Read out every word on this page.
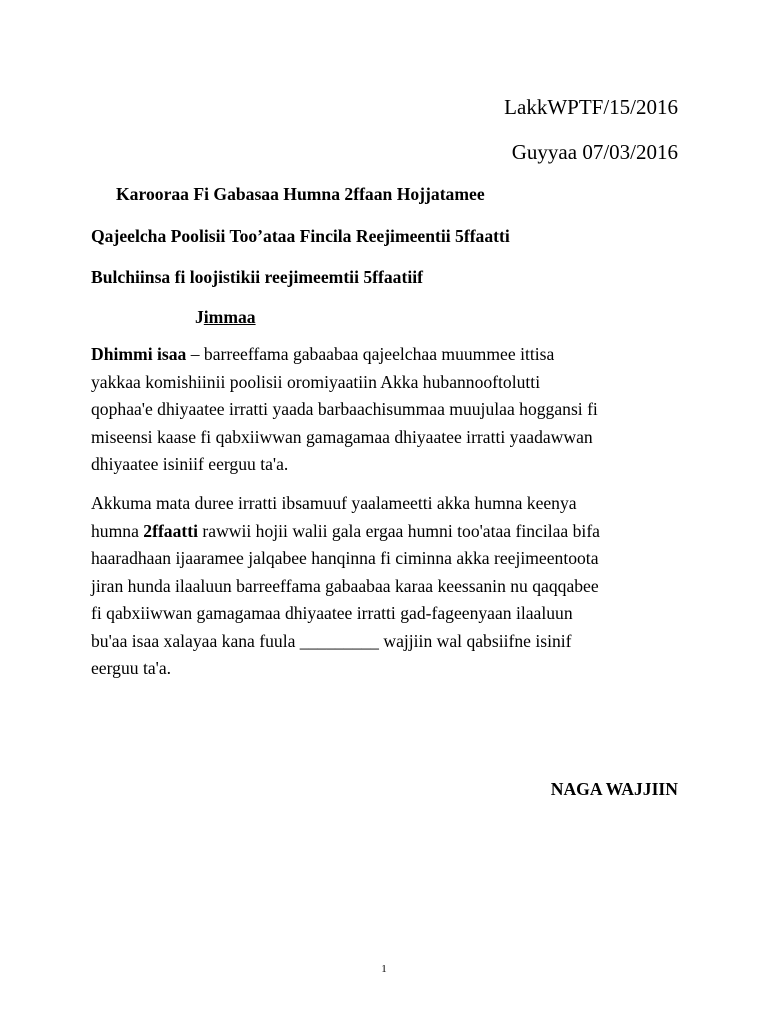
LakkWPTF/15/2016
Guyyaa 07/03/2016
Karooraa Fi Gabasaa Humna 2ffaan Hojjatamee
Qajeelcha Poolisii Too’ataa Fincila Reejimeentii 5ffaatti
Bulchiinsa fi loojistikii reejimeemtii 5ffaatiif
Jimmaa

Dhimmi isaa – barreeffama gabaabaa qajeelchaa muummee ittisa

yakkaa komishiinii poolisii oromiyaatiin Akka hubannooftolutti

qophaa'e dhiyaatee irratti yaada barbaachisummaa muujulaa hoggansi fi

miseensi kaase fi qabxiiwwan gamagamaa dhiyaatee irratti yaadawwan

dhiyaatee isiniif eerguu ta'a.

Akkuma mata duree irratti ibsamuuf yaalameetti akka humna keenya

humna 2ffaatti rawwii hojii walii gala ergaa humni too'ataa fincilaa bifa

haaradhaan ijaaramee jalqabee hanqinna fi ciminna akka reejimeentoota

jiran hunda ilaaluun barreeffama gabaabaa karaa keessanin nu qaqqabee

fi qabxiiwwan gamagamaa dhiyaatee irratti gad-fageenyaan ilaaluun

bu'aa isaa xalayaa kana fuula _________ wajjiin wal qabsiifne isinif

eerguu ta'a.

NAGA WAJJIIN
1
